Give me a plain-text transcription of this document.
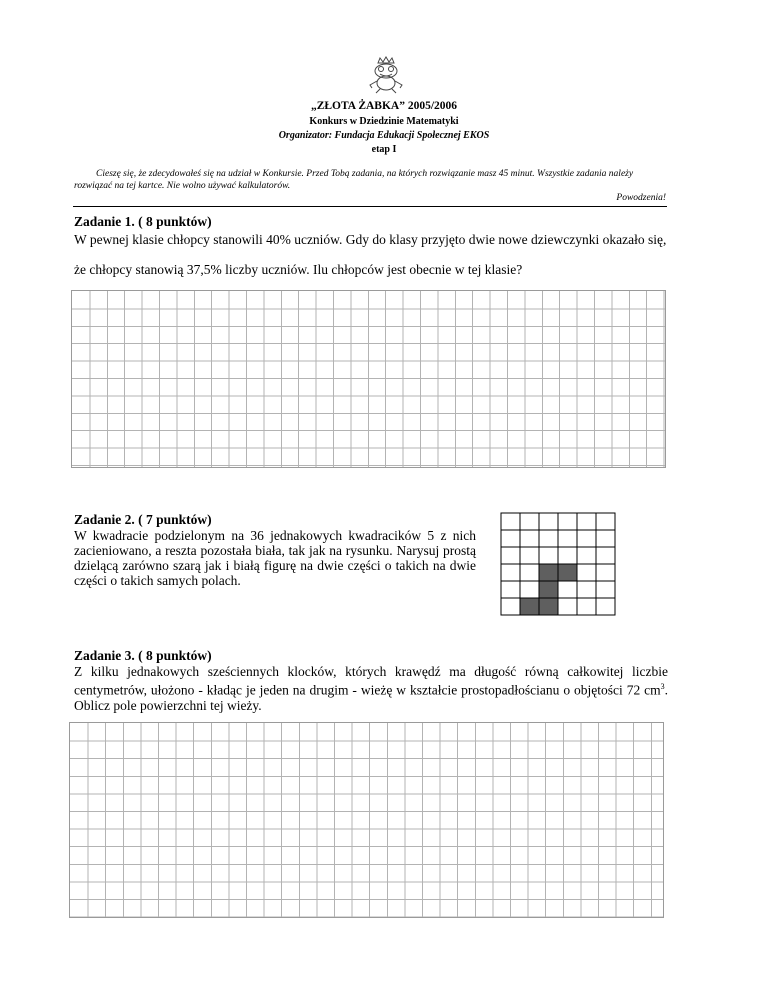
„ZŁOTA ŻABKA” 2005/2006
Konkurs w Dziedzinie Matematyki
Organizator: Fundacja Edukacji Społecznej EKOS
etap I
Cieszę się, że zdecydowałeś się na udział w Konkursie. Przed Tobą zadania, na których rozwiązanie masz 45 minut. Wszystkie zadania należy rozwiązać na tej kartce. Nie wolno używać kalkulatorów.
Powodzenia!
Zadanie 1. ( 8 punktów)
W pewnej klasie chłopcy stanowili 40% uczniów. Gdy do klasy przyjęto dwie nowe dziewczynki okazało się,
że chłopcy stanowią 37,5% liczby uczniów. Ilu chłopców jest obecnie w tej klasie?
Zadanie 2. ( 7 punktów)
W kwadracie podzielonym na 36 jednakowych kwadracików 5 z nich zacieniowano, a reszta pozostała biała, tak jak na rysunku. Narysuj prostą dzielącą zarówno szarą jak i białą figurę na dwie części o takich na dwie części o takich samych polach.
Zadanie 3. ( 8 punktów)
Z kilku jednakowych sześciennych klocków, których krawędź ma długość równą całkowitej liczbie centymetrów, ułożono - kładąc je jeden na drugim - wieżę w kształcie prostopadłościanu o objętości 72 $cm^3$. Oblicz pole powierzchni tej wieży.
